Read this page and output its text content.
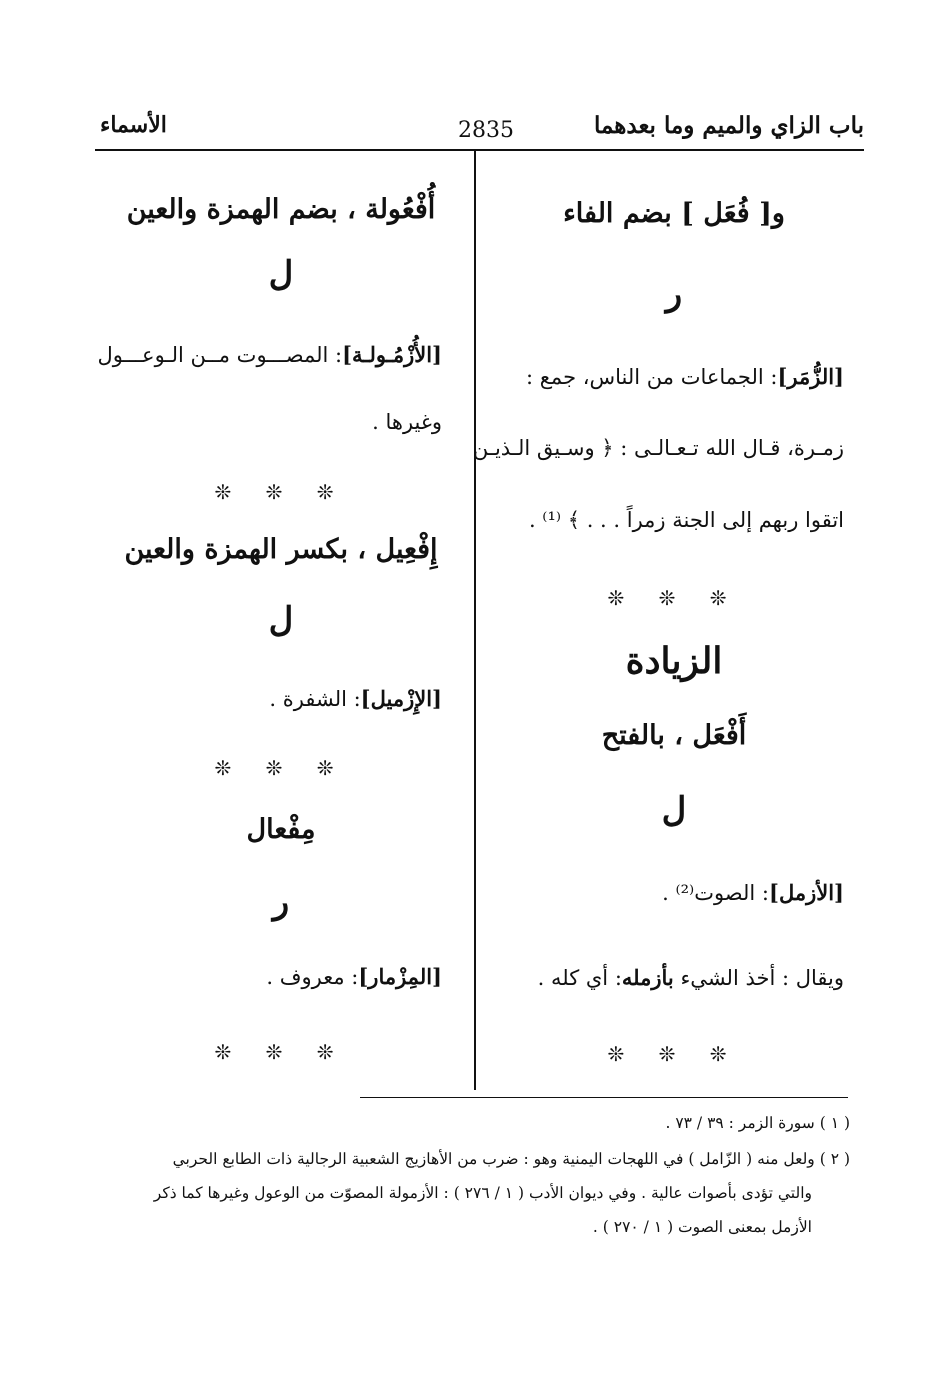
الأسماء	2835	باب الزاي والميم وما بعدهما
و[ فُعَل ] بضم الفاء
ر
[الزُّمَر]: الجماعات من الناس، جمع :
زمـرة، قـال الله تـعـالـى : ﴿ وسـيق الـذيـن
اتقوا ربهم إلى الجنة زمراً . . . ﴾ ⁽¹⁾ .
❊ ❊ ❊
الزيادة
أَفْعَل ، بالفتح
ل
[الأزمل]: الصوت⁽²⁾ .
ويقال : أخذ الشيء بأزمله: أي كله .
❊ ❊ ❊
أُفْعُولة ، بضم الهمزة والعين
ل
[الأُزْمُـولـة]: المصـــوت مــن الـوعـــول
وغيرها .
❊ ❊ ❊
إِفْعِيل ، بكسر الهمزة والعين
ل
[الإِزْميل]: الشفرة .
❊ ❊ ❊
مِفْعال
ر
[المِزْمار]: معروف .
❊ ❊ ❊
( ١ ) سورة الزمر : ٣٩ / ٧٣ .
( ٢ ) ولعل منه ( الزّامل ) في اللهجات اليمنية وهو : ضرب من الأهازيج الشعبية الرجالية ذات الطابع الحربي
والتي تؤدى بأصوات عالية . وفي ديوان الأدب ( ١ / ٢٧٦ ) : الأزمولة المصوّت من الوعول وغيرها كما ذكر
الأزمل بمعنى الصوت ( ١ / ٢٧٠ ) .
